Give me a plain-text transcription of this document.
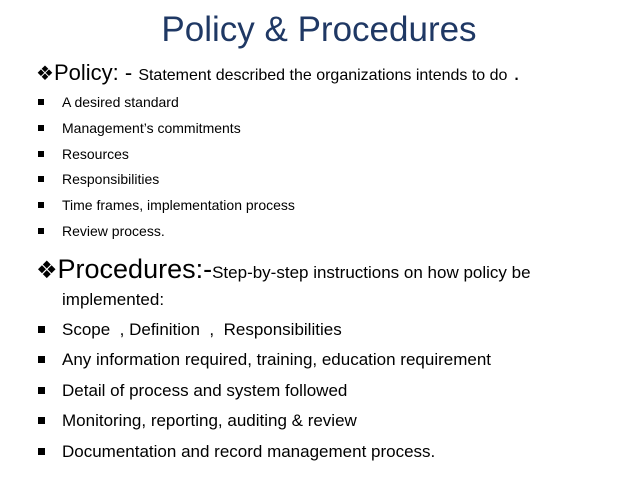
Policy & Procedures
❖Policy: - Statement described the organizations intends to do .
A desired standard
Management’s commitments
Resources
Responsibilities
Time frames, implementation process
Review process.
❖Procedures:-Step-by-step instructions on how policy be
implemented:
Scope  , Definition  ,  Responsibilities
Any information required, training, education requirement
Detail of process and system followed
Monitoring, reporting, auditing & review
Documentation and record management process.
